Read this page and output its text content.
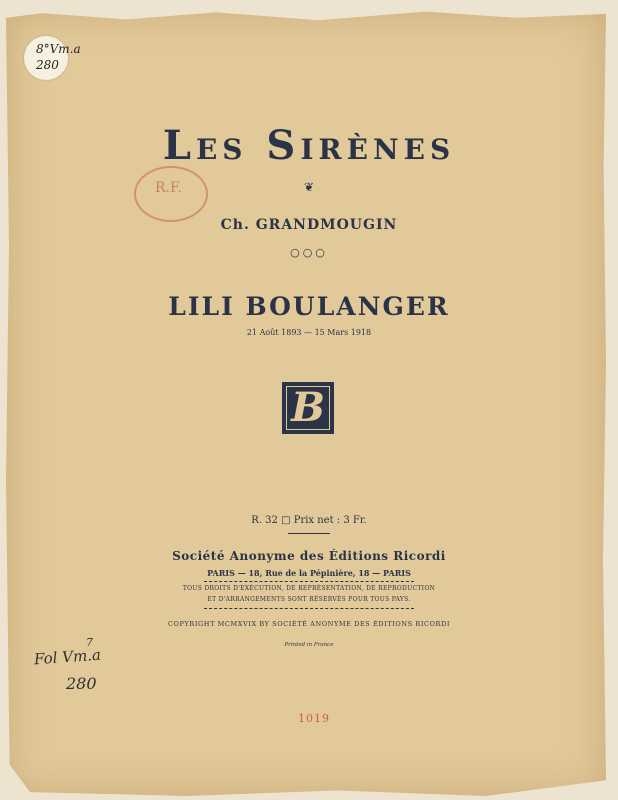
8°Vm.a
280
R.F.
Les Sirènes
❦
Ch. GRANDMOUGIN
○○○
LILI BOULANGER
21 Août 1893 — 15 Mars 1918
B
R. 32 □ Prix net : 3 Fr.
Société Anonyme des Éditions Ricordi
PARIS — 18, Rue de la Pépinière, 18 — PARIS
TOUS DROITS D'EXÉCUTION, DE REPRÉSENTATION, DE REPRODUCTION
ET D'ARRANGEMENTS SONT RÉSERVÉS POUR TOUS PAYS.
COPYRIGHT MCMXVIX BY SOCIÉTÉ ANONYME DES ÉDITIONS RICORDI
Printed in France
Fol Vm.a
7
280
1019
